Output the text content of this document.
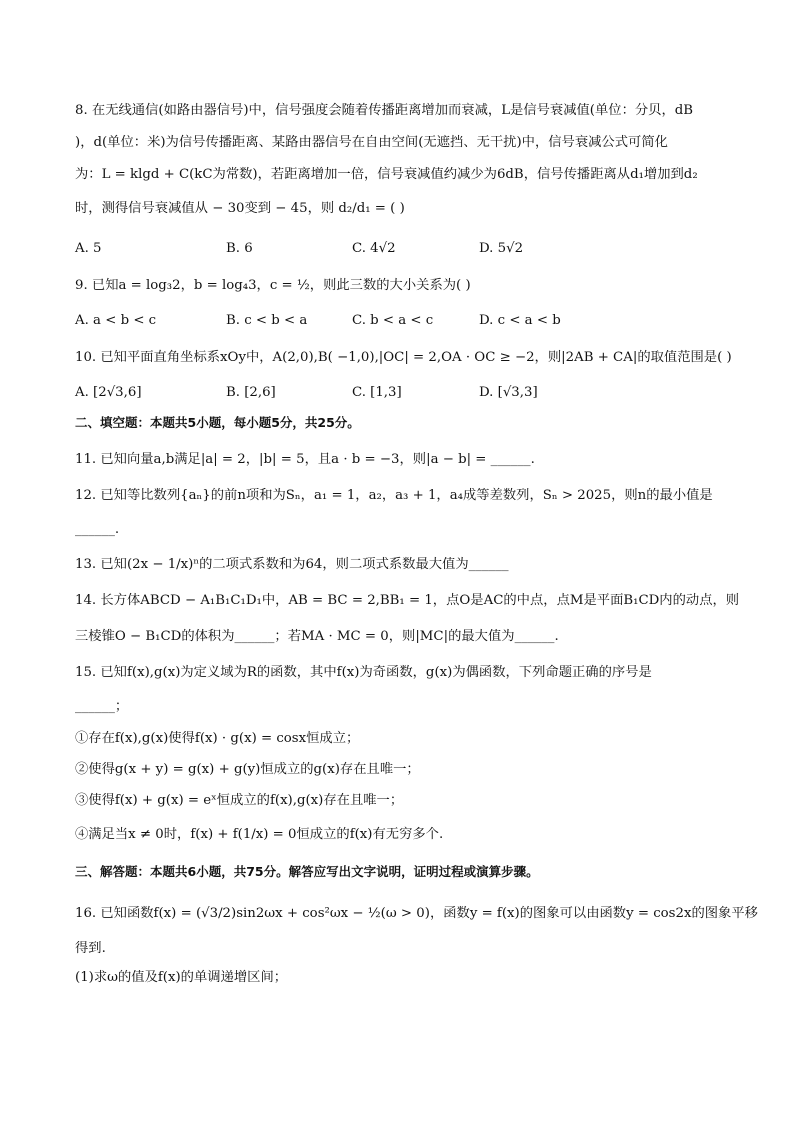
8. 在无线通信(如路由器信号)中，信号强度会随着传播距离增加而衰减，L是信号衰减值(单位：分贝，dB
)，d(单位：米)为信号传播距离、某路由器信号在自由空间(无遮挡、无干扰)中，信号衰减公式可简化
为：L = klgd + C(kC为常数)，若距离增加一倍，信号衰减值约减少为6dB，信号传播距离从d₁增加到d₂
时，测得信号衰减值从 − 30变到 − 45，则 d₂/d₁ = ( )
9. 已知a = log₃2，b = log₄3，c = ½，则此三数的大小关系为( )
10. 已知平面直角坐标系xOy中，A(2,0),B( −1,0),|OC| = 2,OA · OC ≥ −2，则|2AB + CA|的取值范围是( )
二、填空题：本题共5小题，每小题5分，共25分。
11. 已知向量a,b满足|a| = 2，|b| = 5，且a · b = −3，则|a − b| = ______.
12. 已知等比数列{aₙ}的前n项和为Sₙ，a₁ = 1，a₂，a₃ + 1，a₄成等差数列，Sₙ > 2025，则n的最小值是
______.
13. 已知(2x − 1/x)ⁿ的二项式系数和为64，则二项式系数最大值为______
14. 长方体ABCD − A₁B₁C₁D₁中，AB = BC = 2,BB₁ = 1，点O是AC的中点，点M是平面B₁CD内的动点，则
三棱锥O − B₁CD的体积为______；若MA · MC = 0，则|MC|的最大值为______.
15. 已知f(x),g(x)为定义域为R的函数，其中f(x)为奇函数，g(x)为偶函数，下列命题正确的序号是
______；
①存在f(x),g(x)使得f(x) · g(x) = cosx恒成立；
②使得g(x + y) = g(x) + g(y)恒成立的g(x)存在且唯一；
③使得f(x) + g(x) = eˣ恒成立的f(x),g(x)存在且唯一；
④满足当x ≠ 0时，f(x) + f(1/x) = 0恒成立的f(x)有无穷多个.
三、解答题：本题共6小题，共75分。解答应写出文字说明，证明过程或演算步骤。
16. 已知函数f(x) = (√3/2)sin2ωx + cos²ωx − ½(ω > 0)，函数y = f(x)的图象可以由函数y = cos2x的图象平移
得到.
(1)求ω的值及f(x)的单调递增区间；
A. 5	B. 6	C. 4√2	D. 5√2
A. a < b < c	B. c < b < a	C. b < a < c	D. c < a < b
A. [2√3,6]	B. [2,6]	C. [1,3]	D. [√3,3]
